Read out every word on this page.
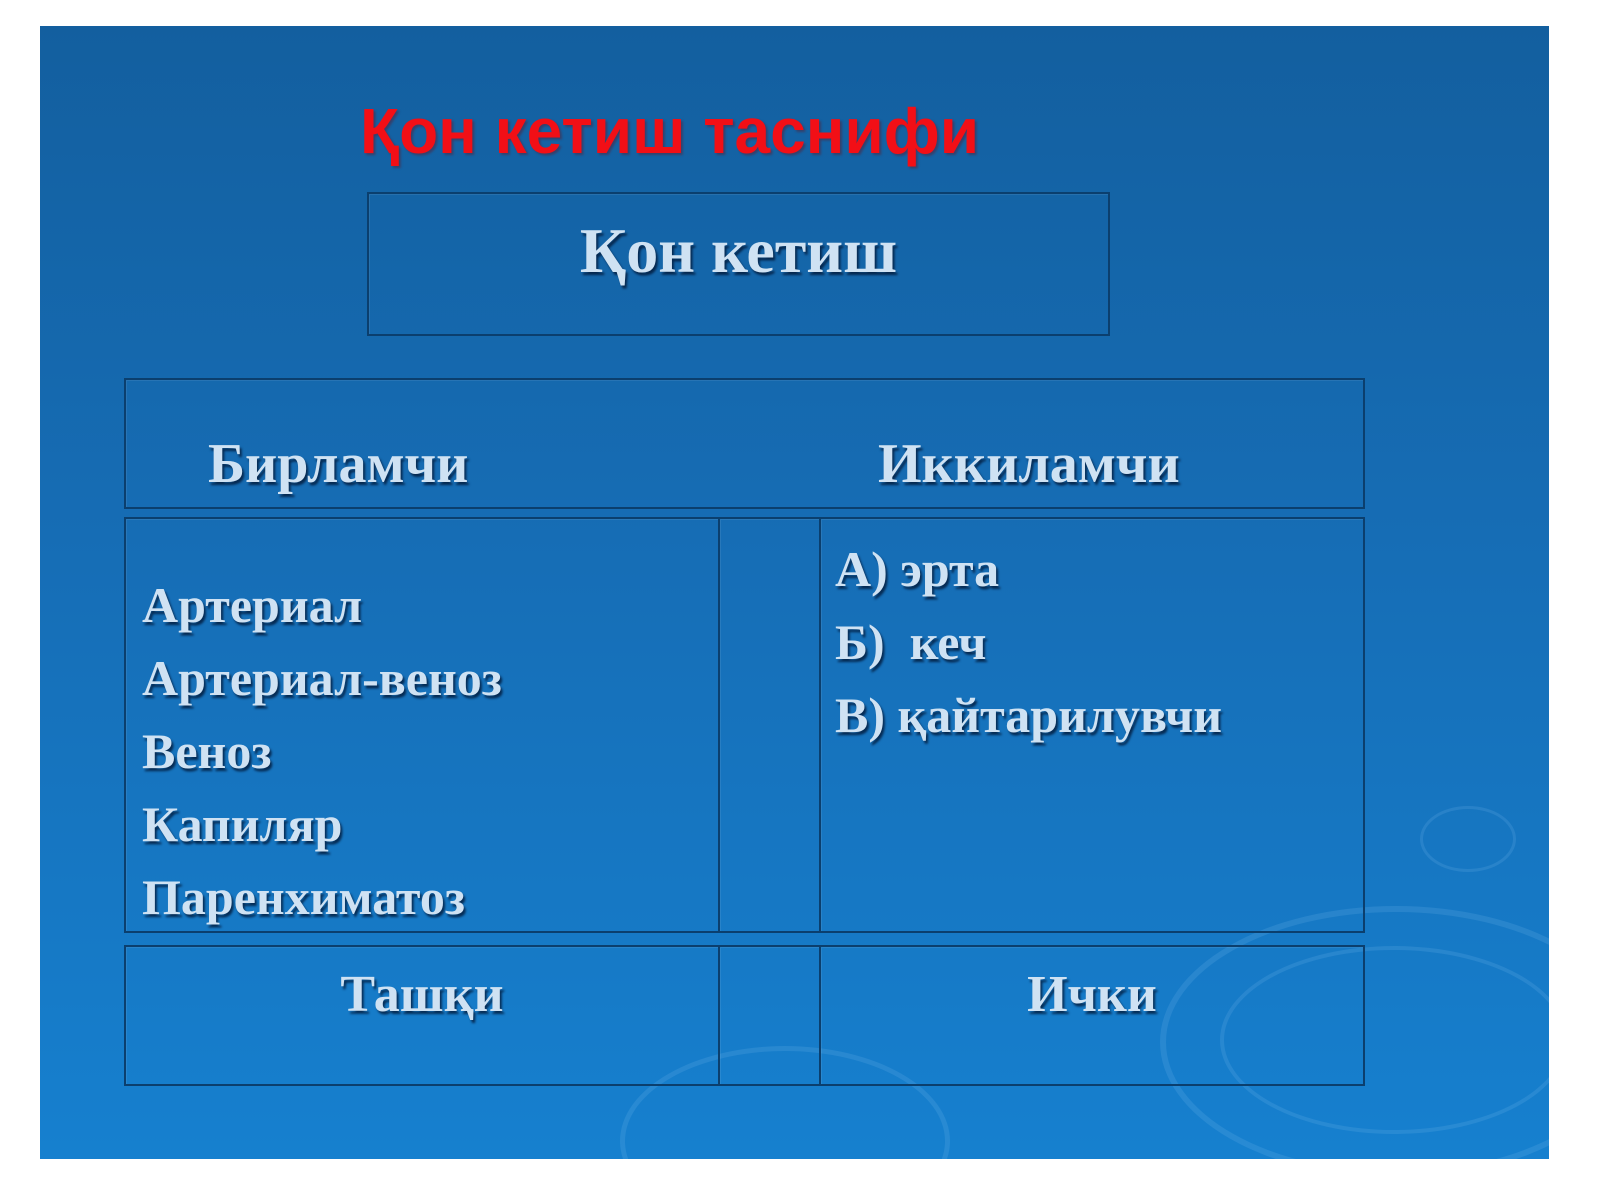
Қон кетиш таснифи
Қон кетиш
Бирламчи	Иккиламчи
Артериал
Артериал-веноз
Веноз
Капиляр
Паренхиматоз
А) эрта
Б)  кеч
В) қайтарилувчи
Ташқи	Ички
